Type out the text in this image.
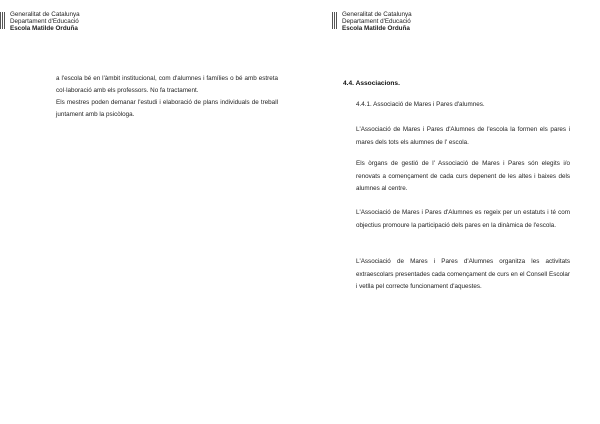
Generalitat de Catalunya
Departament d'Educació
Escola Matilde Orduña
Generalitat de Catalunya
Departament d'Educació
Escola Matilde Orduña
a l'escola bé en l'àmbit institucional, com d'alumnes i famílies o bé amb estreta col·laboració amb els professors. No fa tractament.
Els mestres poden demanar l'estudi i elaboració de plans individuals de treball juntament amb la psicòloga.
4.4. Associacions.
4.4.1. Associació de Mares i Pares d'alumnes.
L'Associació de Mares i Pares d'Alumnes de l'escola la formen els pares i mares dels tots els alumnes de l' escola.
Els òrgans de gestió de l' Associació de Mares i Pares són elegits i/o renovats a començament de cada curs depenent de les altes i baixes dels alumnes al centre.
L'Associació de Mares i Pares d'Alumnes es regeix per un estatuts i té com objectius promoure la participació dels pares en la dinàmica de l'escola.
L'Associació de Mares i Pares d'Alumnes organitza les activitats extraescolars presentades cada començament de curs en el Consell Escolar i vetlla pel correcte funcionament d'aquestes.
